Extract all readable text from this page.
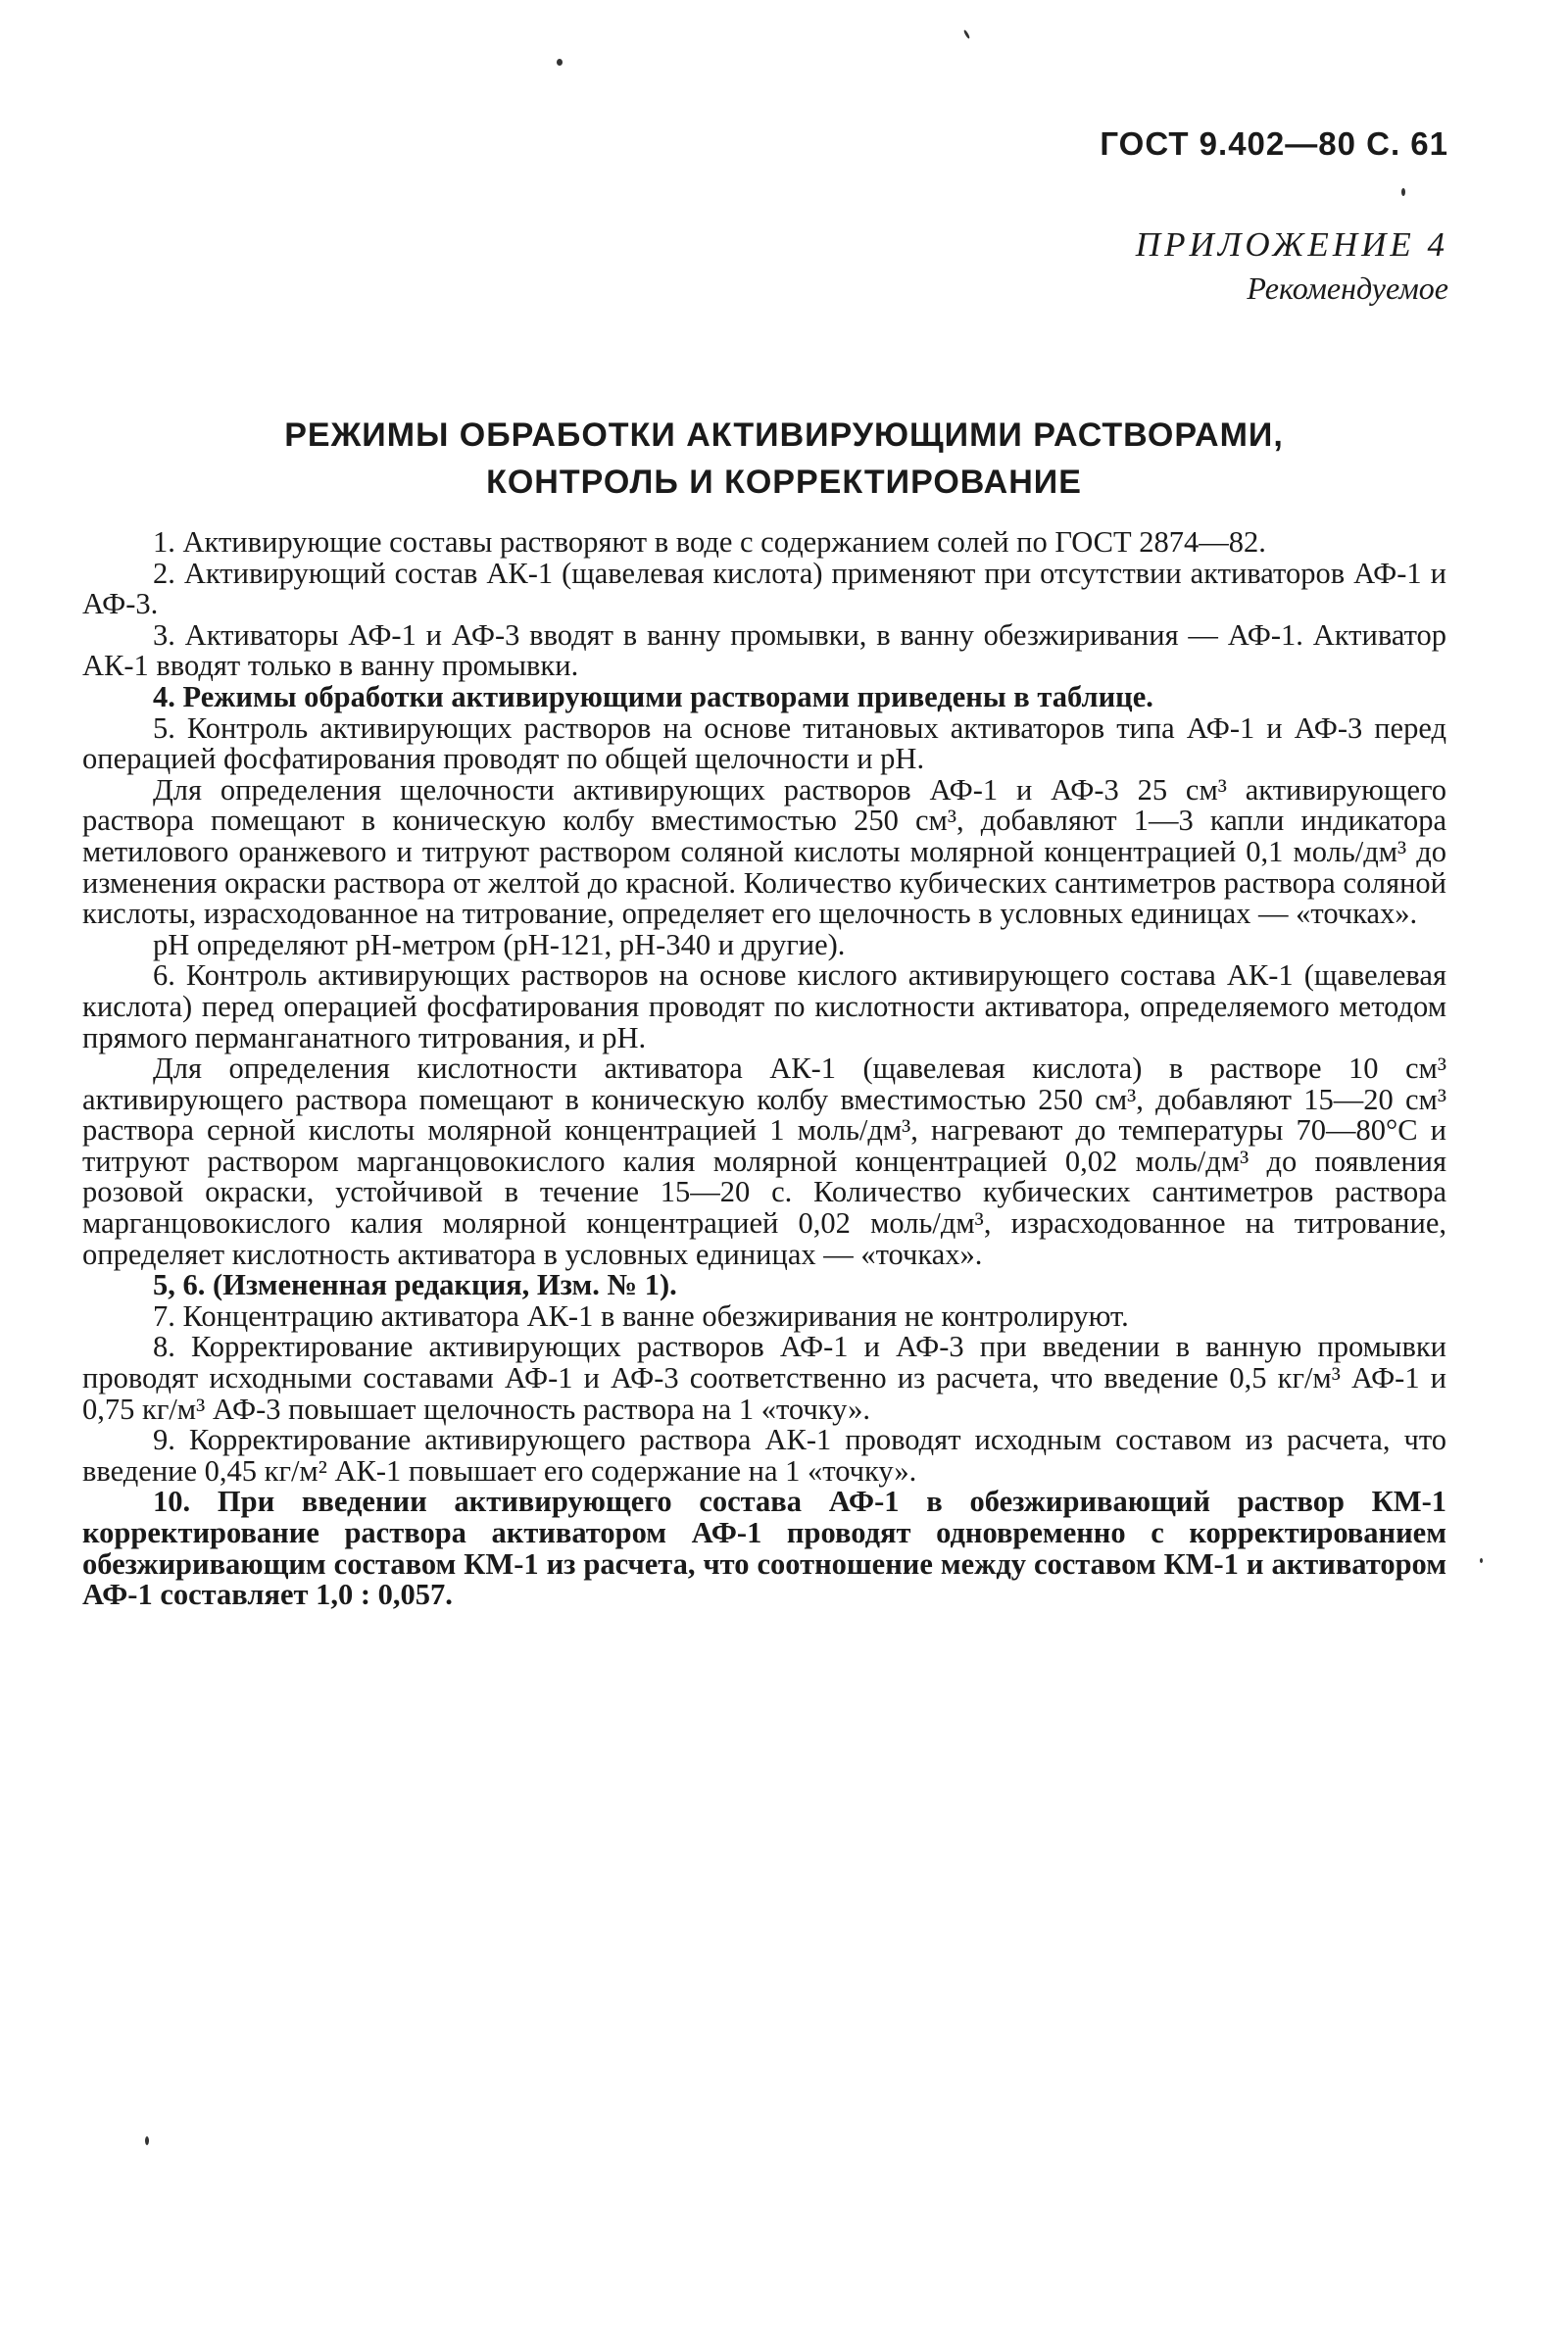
ГОСТ 9.402—80 С. 61
ПРИЛОЖЕНИЕ 4
Рекомендуемое
РЕЖИМЫ ОБРАБОТКИ АКТИВИРУЮЩИМИ РАСТВОРАМИ,
КОНТРОЛЬ И КОРРЕКТИРОВАНИЕ

1. Активирующие составы растворяют в воде с содержанием солей по ГОСТ 2874—82.

2. Активирующий состав АК-1 (щавелевая кислота) применяют при отсутствии активаторов АФ-1 и АФ-3.

3. Активаторы АФ-1 и АФ-3 вводят в ванну промывки, в ванну обезжиривания — АФ-1. Активатор АК-1 вводят только в ванну промывки.

4. Режимы обработки активирующими растворами приведены в таблице.

5. Контроль активирующих растворов на основе титановых активаторов типа АФ-1 и АФ-3 перед операцией фосфатирования проводят по общей щелочности и рН.

Для определения щелочности активирующих растворов АФ-1 и АФ-3 25 см³ активирующего раствора помещают в коническую колбу вместимостью 250 см³, добавляют 1—3 капли индикатора метилового оранжевого и титруют раствором соляной кислоты молярной концентрацией 0,1 моль/дм³ до изменения окраски раствора от желтой до красной. Количество кубических сантиметров раствора соляной кислоты, израсходованное на титрование, определяет его щелочность в условных единицах — «точках».

рН определяют рН-метром (рН-121, рН-340 и другие).

6. Контроль активирующих растворов на основе кислого активирующего состава АК-1 (щавелевая кислота) перед операцией фосфатирования проводят по кислотности активатора, определяемого методом прямого перманганатного титрования, и рН.

Для определения кислотности активатора АК-1 (щавелевая кислота) в растворе 10 см³ активирующего раствора помещают в коническую колбу вместимостью 250 см³, добавляют 15—20 см³ раствора серной кислоты молярной концентрацией 1 моль/дм³, нагревают до температуры 70—80°С и титруют раствором марганцовокислого калия молярной концентрацией 0,02 моль/дм³ до появления розовой окраски, устойчивой в течение 15—20 с. Количество кубических сантиметров раствора марганцовокислого калия молярной концентрацией 0,02 моль/дм³, израсходованное на титрование, определяет кислотность активатора в условных единицах — «точках».

5, 6. (Измененная редакция, Изм. № 1).

7. Концентрацию активатора АК-1 в ванне обезжиривания не контролируют.

8. Корректирование активирующих растворов АФ-1 и АФ-3 при введении в ванную промывки проводят исходными составами АФ-1 и АФ-3 соответственно из расчета, что введение 0,5 кг/м³ АФ-1 и 0,75 кг/м³ АФ-3 повышает щелочность раствора на 1 «точку».

9. Корректирование активирующего раствора АК-1 проводят исходным составом из расчета, что введение 0,45 кг/м² АК-1 повышает его содержание на 1 «точку».

10. При введении активирующего состава АФ-1 в обезжиривающий раствор КМ-1 корректирование раствора активатором АФ-1 проводят одновременно с корректированием обезжиривающим составом КМ-1 из расчета, что соотношение между составом КМ-1 и активатором АФ-1 составляет 1,0 : 0,057.
